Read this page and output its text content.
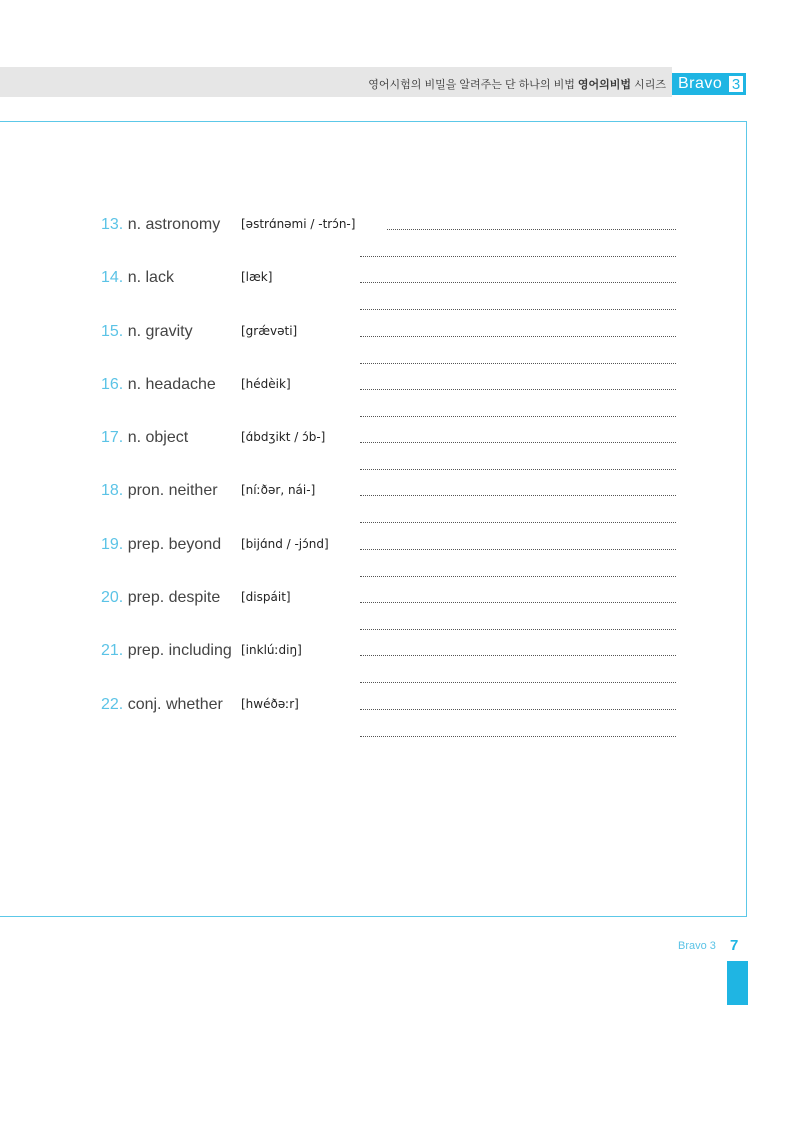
영어시험의 비밀을 알려주는 단 하나의 비법 영어의비법 시리즈 Bravo 3
13. n. astronomy [əstrɑ́nəmi / -trɔ́n-]
14. n. lack	[læk]
15. n. gravity	[grǽvəti]
16. n. headache [hédèik]
17. n. object	[ɑ́bdʒikt / ɔ́b-]
18. pron. neither [níːðər, nái-]
19. prep. beyond [bijɑ́nd / -jɔ́nd]
20. prep. despite [dispáit]
21. prep. including [inklúːdiŋ]
22. conj. whether [hwéðəːr]
Bravo 3 7
